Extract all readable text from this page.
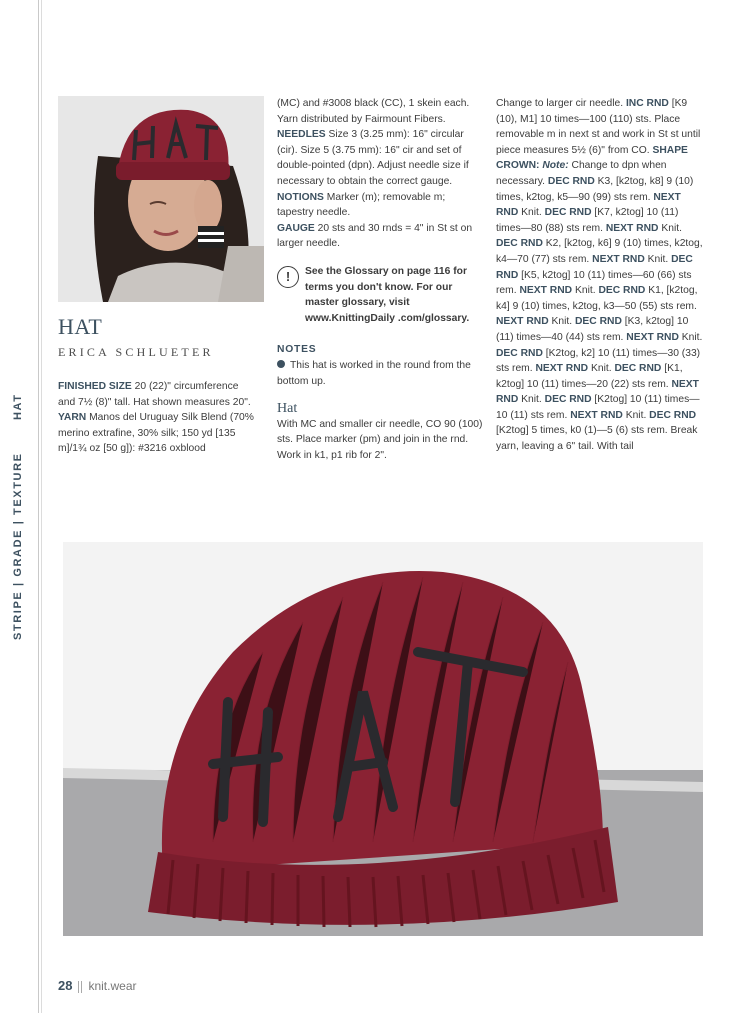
HAT
STRIPE | GRADE | TEXTURE
HAT
ERICA SCHLUETER

FINISHED SIZE 20 (22)" circumference and 7½ (8)" tall. Hat shown measures 20".

YARN Manos del Uruguay Silk Blend (70% merino extrafine, 30% silk; 150 yd [135 m]/1¾ oz [50 g]): #3216 oxblood

(MC) and #3008 black (CC), 1 skein each. Yarn distributed by Fairmount Fibers.

NEEDLES Size 3 (3.25 mm): 16" circular (cir). Size 5 (3.75 mm): 16" cir and set of double-pointed (dpn). Adjust needle size if necessary to obtain the correct gauge.

NOTIONS Marker (m); removable m; tapestry needle.

GAUGE 20 sts and 30 rnds = 4" in St st on larger needle.

!	See the Glossary on page 116 for terms you don't know. For our master glossary, visit www.KnittingDaily .com/glossary.
NOTES

This hat is worked in the round from the bottom up.

Hat

With MC and smaller cir needle, CO 90 (100) sts. Place marker (pm) and join in the rnd. Work in k1, p1 rib for 2".

Change to larger cir needle. INC RND [K9 (10), M1] 10 times—100 (110) sts. Place removable m in next st and work in St st until piece measures 5½ (6)" from CO. SHAPE CROWN: Note: Change to dpn when necessary. DEC RND K3, [k2tog, k8] 9 (10) times, k2tog, k5—90 (99) sts rem. NEXT RND Knit. DEC RND [K7, k2tog] 10 (11) times—80 (88) sts rem. NEXT RND Knit. DEC RND K2, [k2tog, k6] 9 (10) times, k2tog, k4—70 (77) sts rem. NEXT RND Knit. DEC RND [K5, k2tog] 10 (11) times—60 (66) sts rem. NEXT RND Knit. DEC RND K1, [k2tog, k4] 9 (10) times, k2tog, k3—50 (55) sts rem. NEXT RND Knit. DEC RND [K3, k2tog] 10 (11) times—40 (44) sts rem. NEXT RND Knit. DEC RND [K2tog, k2] 10 (11) times—30 (33) sts rem. NEXT RND Knit. DEC RND [K1, k2tog] 10 (11) times—20 (22) sts rem. NEXT RND Knit. DEC RND [K2tog] 10 (11) times—10 (11) sts rem. NEXT RND Knit. DEC RND [K2tog] 5 times, k0 (1)—5 (6) sts rem. Break yarn, leaving a 6" tail. With tail

28 knit.wear
